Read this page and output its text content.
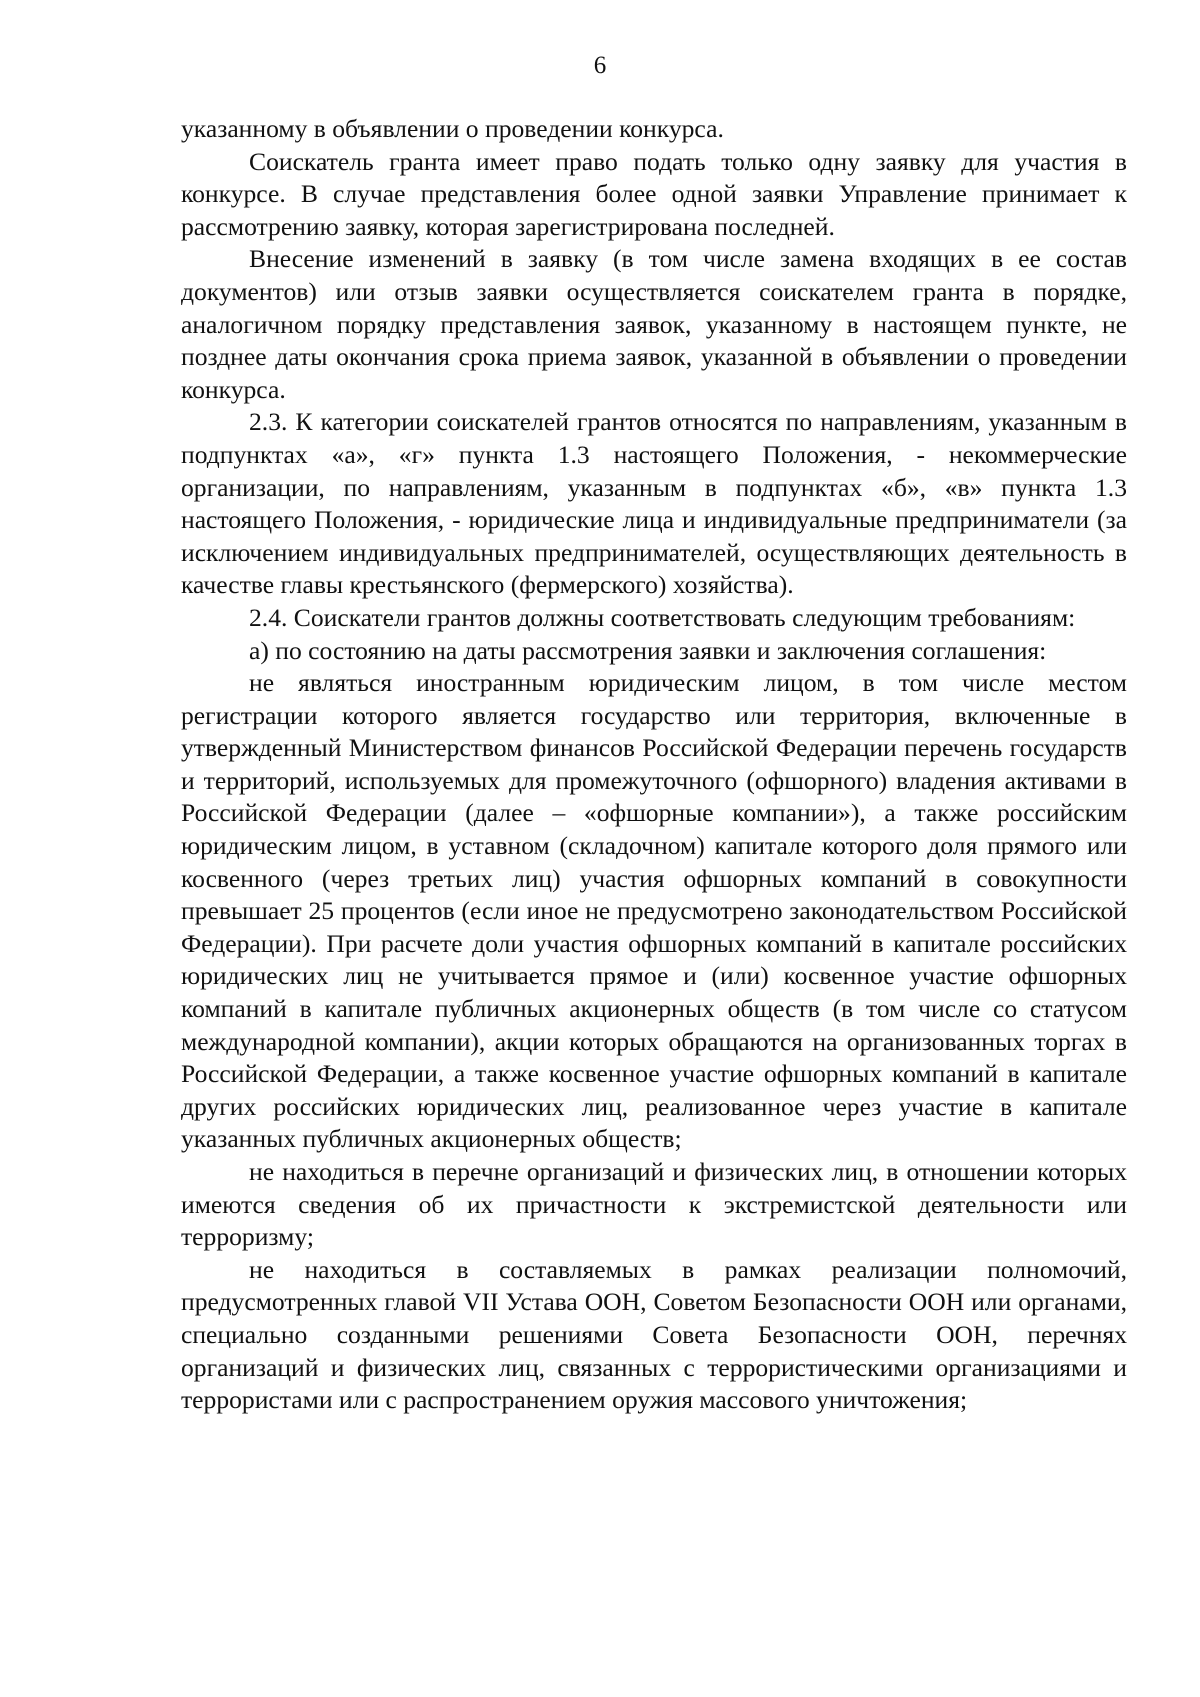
6

указанному в объявлении о проведении конкурса.

Соискатель гранта имеет право подать только одну заявку для участия в конкурсе. В случае представления более одной заявки Управление принимает к рассмотрению заявку, которая зарегистрирована последней.

Внесение изменений в заявку (в том числе замена входящих в ее состав документов) или отзыв заявки осуществляется соискателем гранта в порядке, аналогичном порядку представления заявок, указанному в настоящем пункте, не позднее даты окончания срока приема заявок, указанной в объявлении о проведении конкурса.

2.3. К категории соискателей грантов относятся по направлениям, указанным в подпунктах «а», «г» пункта 1.3 настоящего Положения, - некоммерческие организации, по направлениям, указанным в подпунктах «б», «в» пункта 1.3 настоящего Положения, - юридические лица и индивидуальные предприниматели (за исключением индивидуальных предпринимателей, осуществляющих деятельность в качестве главы крестьянского (фермерского) хозяйства).

2.4. Соискатели грантов должны соответствовать следующим требованиям:

а) по состоянию на даты рассмотрения заявки и заключения соглашения:

не являться иностранным юридическим лицом, в том числе местом регистрации которого является государство или территория, включенные в утвержденный Министерством финансов Российской Федерации перечень государств и территорий, используемых для промежуточного (офшорного) владения активами в Российской Федерации (далее – «офшорные компании»), а также российским юридическим лицом, в уставном (складочном) капитале которого доля прямого или косвенного (через третьих лиц) участия офшорных компаний в совокупности превышает 25 процентов (если иное не предусмотрено законодательством Российской Федерации). При расчете доли участия офшорных компаний в капитале российских юридических лиц не учитывается прямое и (или) косвенное участие офшорных компаний в капитале публичных акционерных обществ (в том числе со статусом международной компании), акции которых обращаются на организованных торгах в Российской Федерации, а также косвенное участие офшорных компаний в капитале других российских юридических лиц, реализованное через участие в капитале указанных публичных акционерных обществ;

не находиться в перечне организаций и физических лиц, в отношении которых имеются сведения об их причастности к экстремистской деятельности или терроризму;

не находиться в составляемых в рамках реализации полномочий, предусмотренных главой VII Устава ООН, Советом Безопасности ООН или органами, специально созданными решениями Совета Безопасности ООН, перечнях организаций и физических лиц, связанных с террористическими организациями и террористами или с распространением оружия массового уничтожения;
